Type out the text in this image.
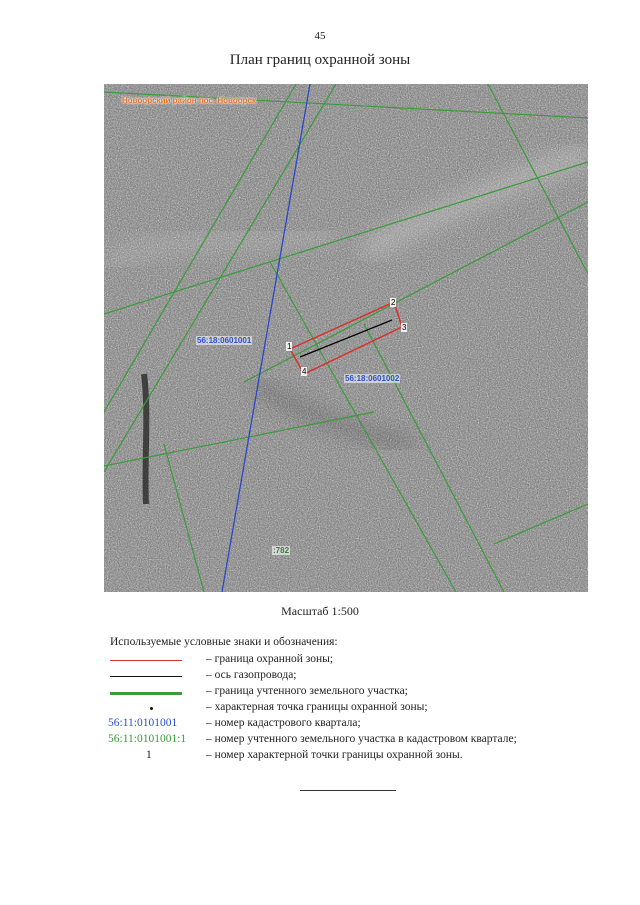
45
План границ охранной зоны
Новоорский район пос. Новоорск
56:18:0601001
56:18:0601002
:782
1
2
3
4
Масштаб 1:500
Используемые условные знаки и обозначения:
– граница охранной зоны;
– ось газопровода;
– граница учтенного земельного участка;
– характерная точка границы охранной зоны;
56:11:0101001	– номер кадастрового квартала;
56:11:0101001:1 – номер учтенного земельного участка в кадастровом квартале;
1	– номер характерной точки границы охранной зоны.
